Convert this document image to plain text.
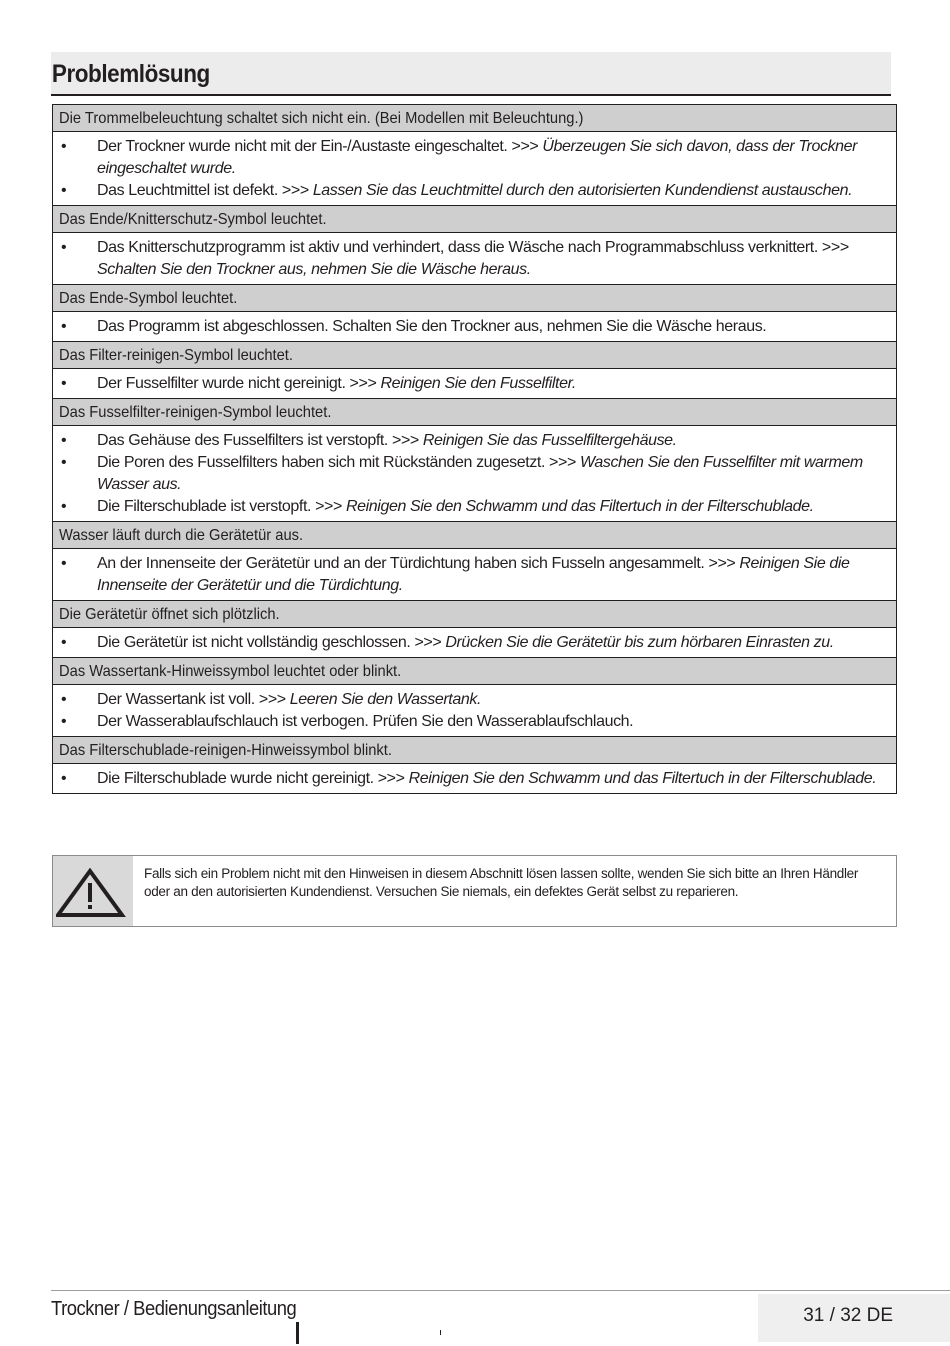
Problemlösung
Die Trommelbeleuchtung schaltet sich nicht ein. (Bei Modellen mit Beleuchtung.)
• Der Trockner wurde nicht mit der Ein-/Austaste eingeschaltet. >>> Überzeugen Sie sich davon, dass der Trockner eingeschaltet wurde.
• Das Leuchtmittel ist defekt. >>> Lassen Sie das Leuchtmittel durch den autorisierten Kundendienst austauschen.
Das Ende/Knitterschutz-Symbol leuchtet.
• Das Knitterschutzprogramm ist aktiv und verhindert, dass die Wäsche nach Programmabschluss verknittert. >>> Schalten Sie den Trockner aus, nehmen Sie die Wäsche heraus.
Das Ende-Symbol leuchtet.
• Das Programm ist abgeschlossen. Schalten Sie den Trockner aus, nehmen Sie die Wäsche heraus.
Das Filter-reinigen-Symbol leuchtet.
• Der Fusselfilter wurde nicht gereinigt. >>> Reinigen Sie den Fusselfilter.
Das Fusselfilter-reinigen-Symbol leuchtet.
• Das Gehäuse des Fusselfilters ist verstopft. >>> Reinigen Sie das Fusselfiltergehäuse.
• Die Poren des Fusselfilters haben sich mit Rückständen zugesetzt. >>> Waschen Sie den Fusselfilter mit warmem Wasser aus.
• Die Filterschublade ist verstopft. >>> Reinigen Sie den Schwamm und das Filtertuch in der Filterschublade.
Wasser läuft durch die Gerätetür aus.
• An der Innenseite der Gerätetür und an der Türdichtung haben sich Fusseln angesammelt. >>> Reinigen Sie die Innenseite der Gerätetür und die Türdichtung.
Die Gerätetür öffnet sich plötzlich.
• Die Gerätetür ist nicht vollständig geschlossen. >>> Drücken Sie die Gerätetür bis zum hörbaren Einrasten zu.
Das Wassertank-Hinweissymbol leuchtet oder blinkt.
• Der Wassertank ist voll. >>> Leeren Sie den Wassertank.
• Der Wasserablaufschlauch ist verbogen. Prüfen Sie den Wasserablaufschlauch.
Das Filterschublade-reinigen-Hinweissymbol blinkt.
• Die Filterschublade wurde nicht gereinigt. >>> Reinigen Sie den Schwamm und das Filtertuch in der Filterschublade.
Falls sich ein Problem nicht mit den Hinweisen in diesem Abschnitt lösen lassen sollte, wenden Sie sich bitte an Ihren Händler oder an den autorisierten Kundendienst. Versuchen Sie niemals, ein defektes Gerät selbst zu reparieren.
Trockner / Bedienungsanleitung	31 / 32 DE
